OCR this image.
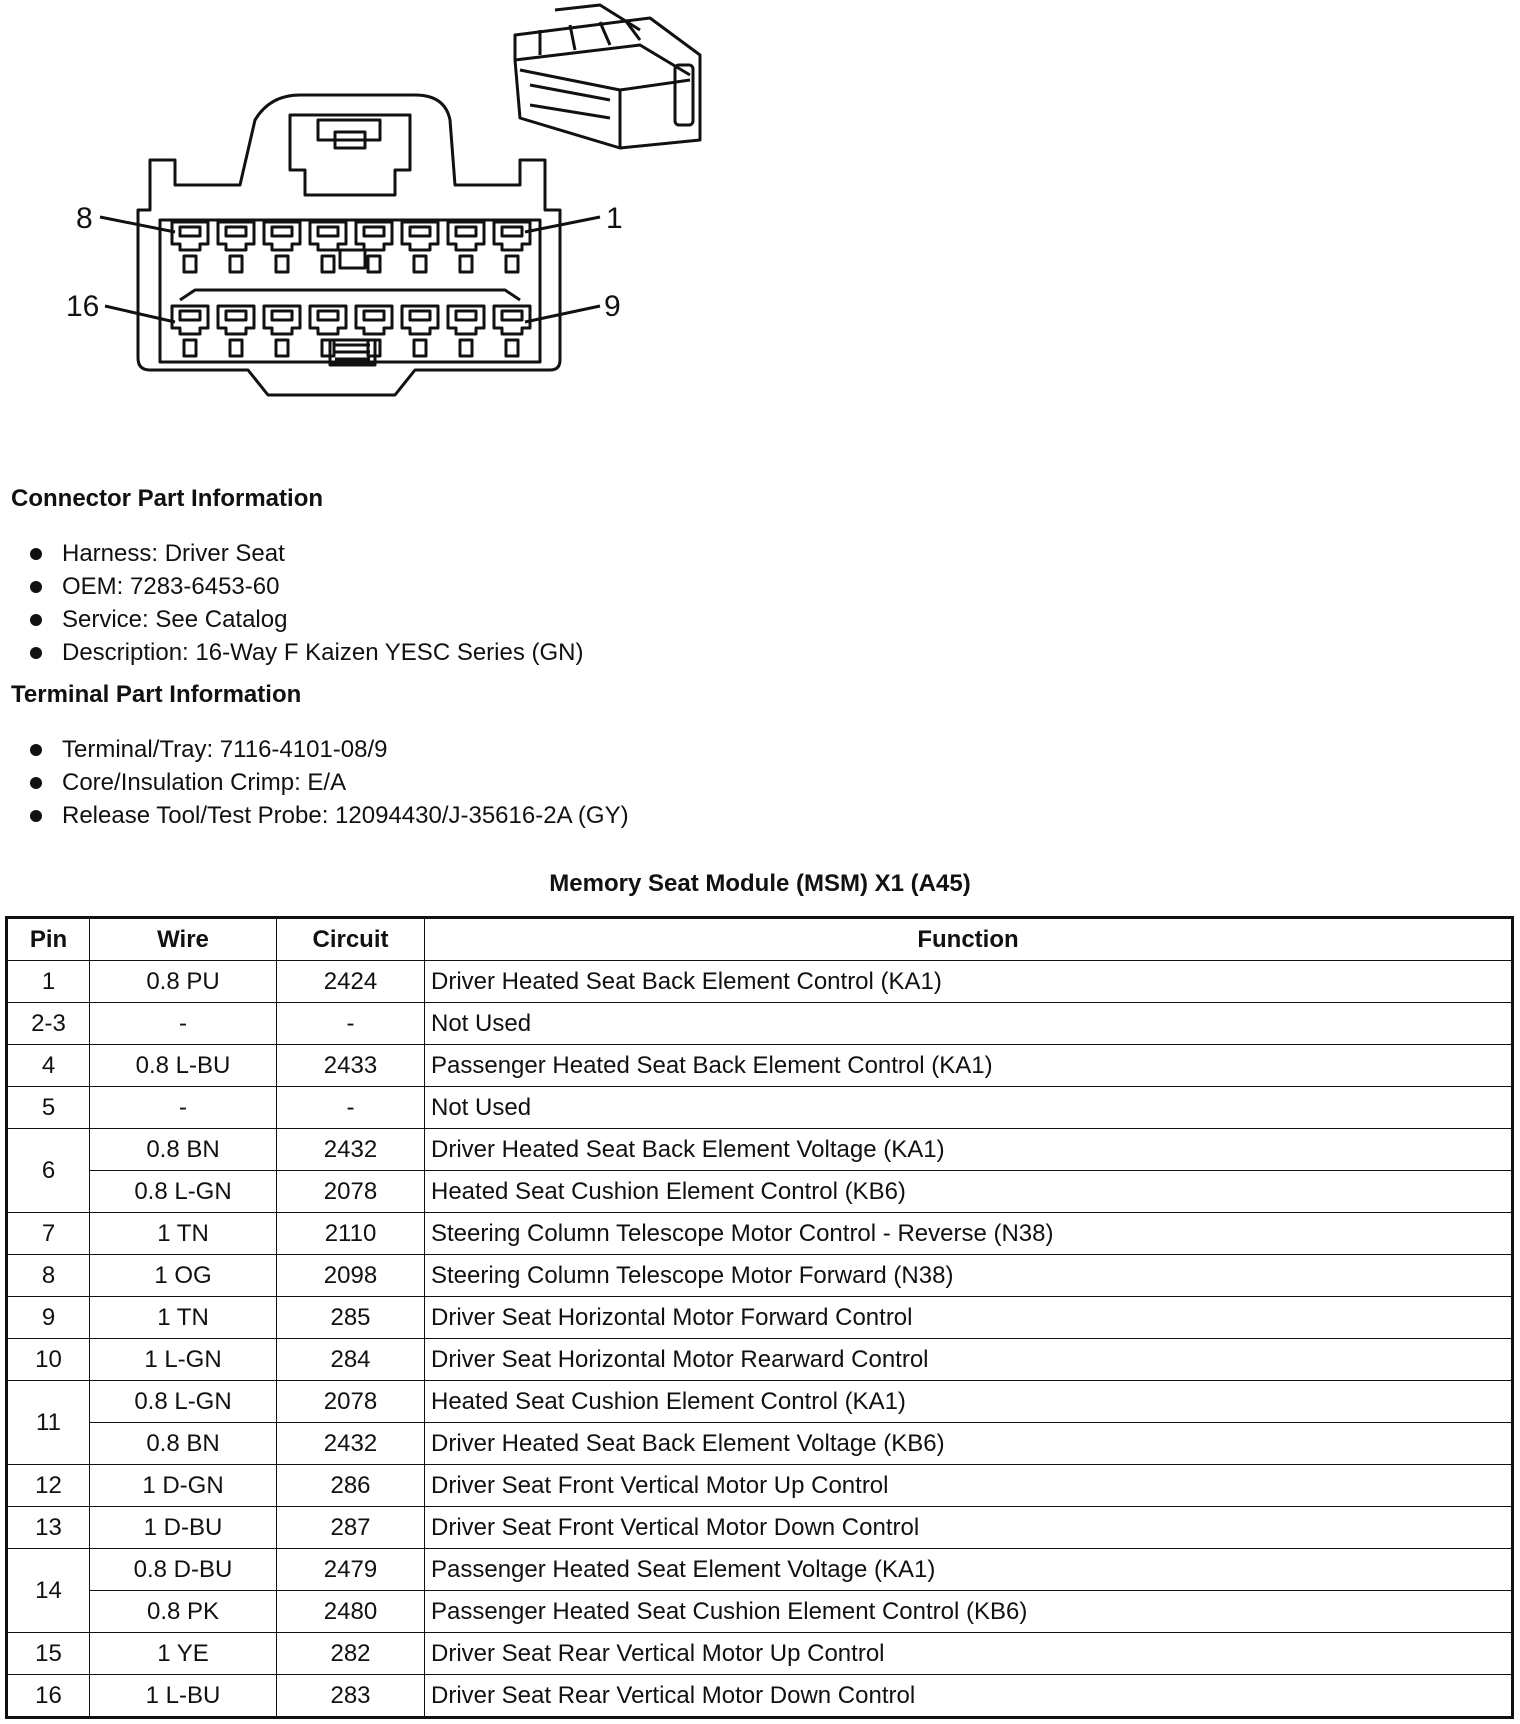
8	1
16	9
Connector Part Information
Harness: Driver Seat
OEM: 7283-6453-60
Service: See Catalog
Description: 16-Way F Kaizen YESC Series (GN)
Terminal Part Information
Terminal/Tray: 7116-4101-08/9
Core/Insulation Crimp: E/A
Release Tool/Test Probe: 12094430/J-35616-2A (GY)
Memory Seat Module (MSM) X1 (A45)
Pin	Wire	Circuit	Function
1	0.8 PU	2424	Driver Heated Seat Back Element Control (KA1)
2-3	-	-	Not Used
4	0.8 L-BU	2433	Passenger Heated Seat Back Element Control (KA1)
5	-	-	Not Used
6	0.8 BN	2432	Driver Heated Seat Back Element Voltage (KA1)
	0.8 L-GN	2078	Heated Seat Cushion Element Control (KB6)
7	1 TN	2110	Steering Column Telescope Motor Control - Reverse (N38)
8	1 OG	2098	Steering Column Telescope Motor Forward (N38)
9	1 TN	285	Driver Seat Horizontal Motor Forward Control
10	1 L-GN	284	Driver Seat Horizontal Motor Rearward Control
11	0.8 L-GN	2078	Heated Seat Cushion Element Control (KA1)
	0.8 BN	2432	Driver Heated Seat Back Element Voltage (KB6)
12	1 D-GN	286	Driver Seat Front Vertical Motor Up Control
13	1 D-BU	287	Driver Seat Front Vertical Motor Down Control
14	0.8 D-BU	2479	Passenger Heated Seat Element Voltage (KA1)
	0.8 PK	2480	Passenger Heated Seat Cushion Element Control (KB6)
15	1 YE	282	Driver Seat Rear Vertical Motor Up Control
16	1 L-BU	283	Driver Seat Rear Vertical Motor Down Control
